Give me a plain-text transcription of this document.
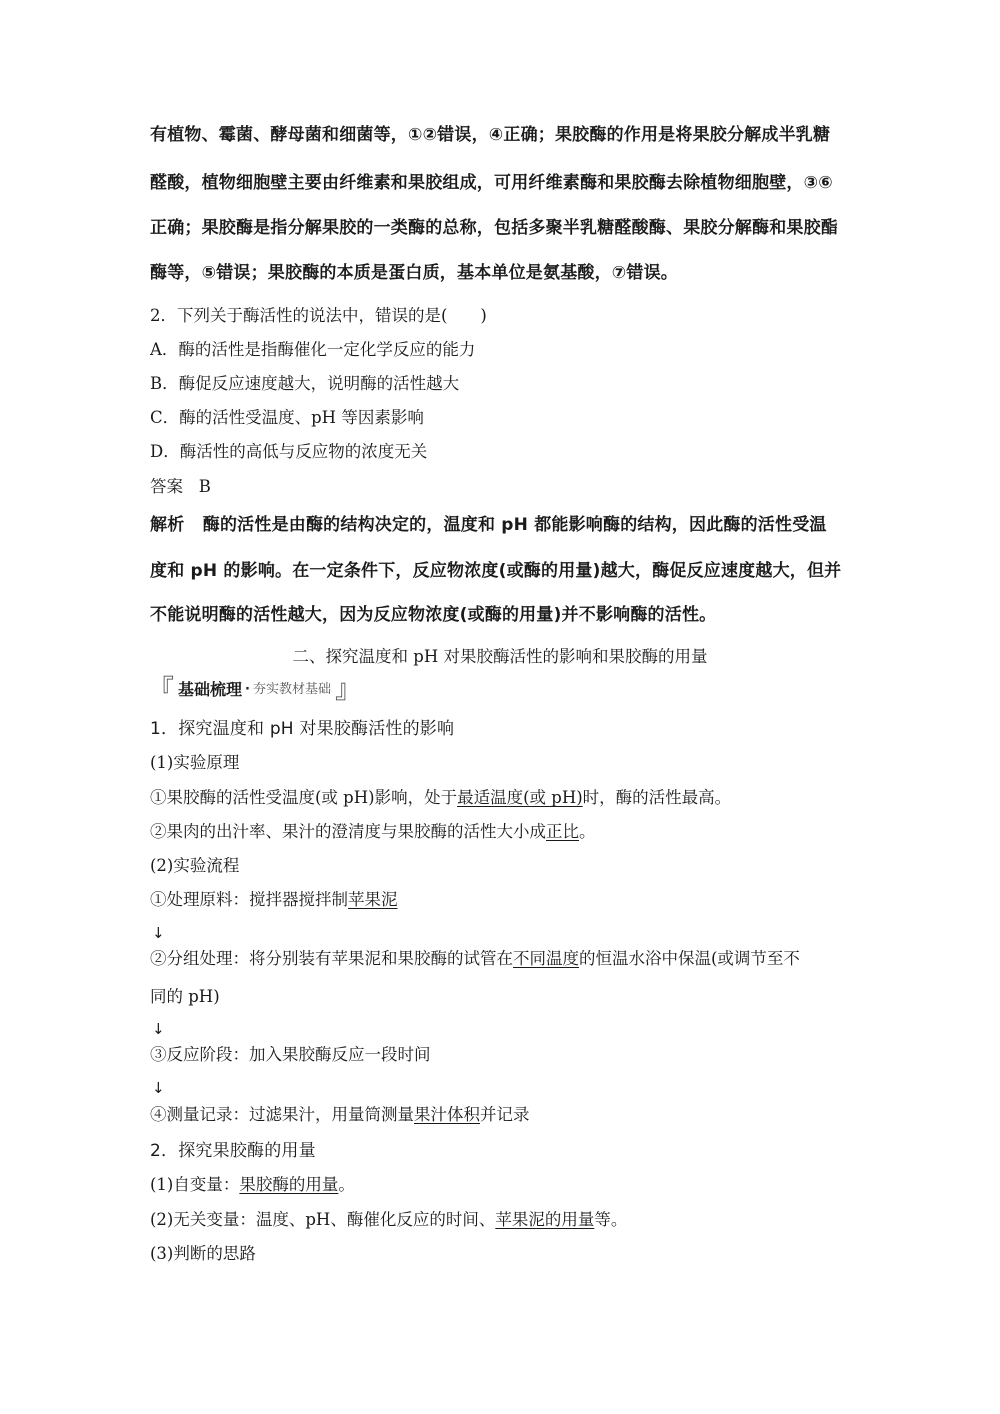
有植物、霉菌、酵母菌和细菌等，①②错误，④正确；果胶酶的作用是将果胶分解成半乳糖
醛酸，植物细胞壁主要由纤维素和果胶组成，可用纤维素酶和果胶酶去除植物细胞壁，③⑥
正确；果胶酶是指分解果胶的一类酶的总称，包括多聚半乳糖醛酸酶、果胶分解酶和果胶酯
酶等，⑤错误；果胶酶的本质是蛋白质，基本单位是氨基酸，⑦错误。
2．下列关于酶活性的说法中，错误的是(　　)
A．酶的活性是指酶催化一定化学反应的能力
B．酶促反应速度越大，说明酶的活性越大
C．酶的活性受温度、pH 等因素影响
D．酶活性的高低与反应物的浓度无关
答案 B
解析 酶的活性是由酶的结构决定的，温度和 pH 都能影响酶的结构，因此酶的活性受温
度和 pH 的影响。在一定条件下，反应物浓度(或酶的用量)越大，酶促反应速度越大，但并
不能说明酶的活性越大，因为反应物浓度(或酶的用量)并不影响酶的活性。
二、探究温度和 pH 对果胶酶活性的影响和果胶酶的用量
『 基础梳理 · 夯实教材基础 』
1．探究温度和 pH 对果胶酶活性的影响
(1)实验原理
①果胶酶的活性受温度(或 pH)影响，处于最适温度(或 pH)时，酶的活性最高。
②果肉的出汁率、果汁的澄清度与果胶酶的活性大小成正比。
(2)实验流程
①处理原料：搅拌器搅拌制苹果泥
↓
②分组处理：将分别装有苹果泥和果胶酶的试管在不同温度的恒温水浴中保温(或调节至不
同的 pH)
↓
③反应阶段：加入果胶酶反应一段时间
↓
④测量记录：过滤果汁，用量筒测量果汁体积并记录
2．探究果胶酶的用量
(1)自变量：果胶酶的用量。
(2)无关变量：温度、pH、酶催化反应的时间、苹果泥的用量等。
(3)判断的思路
